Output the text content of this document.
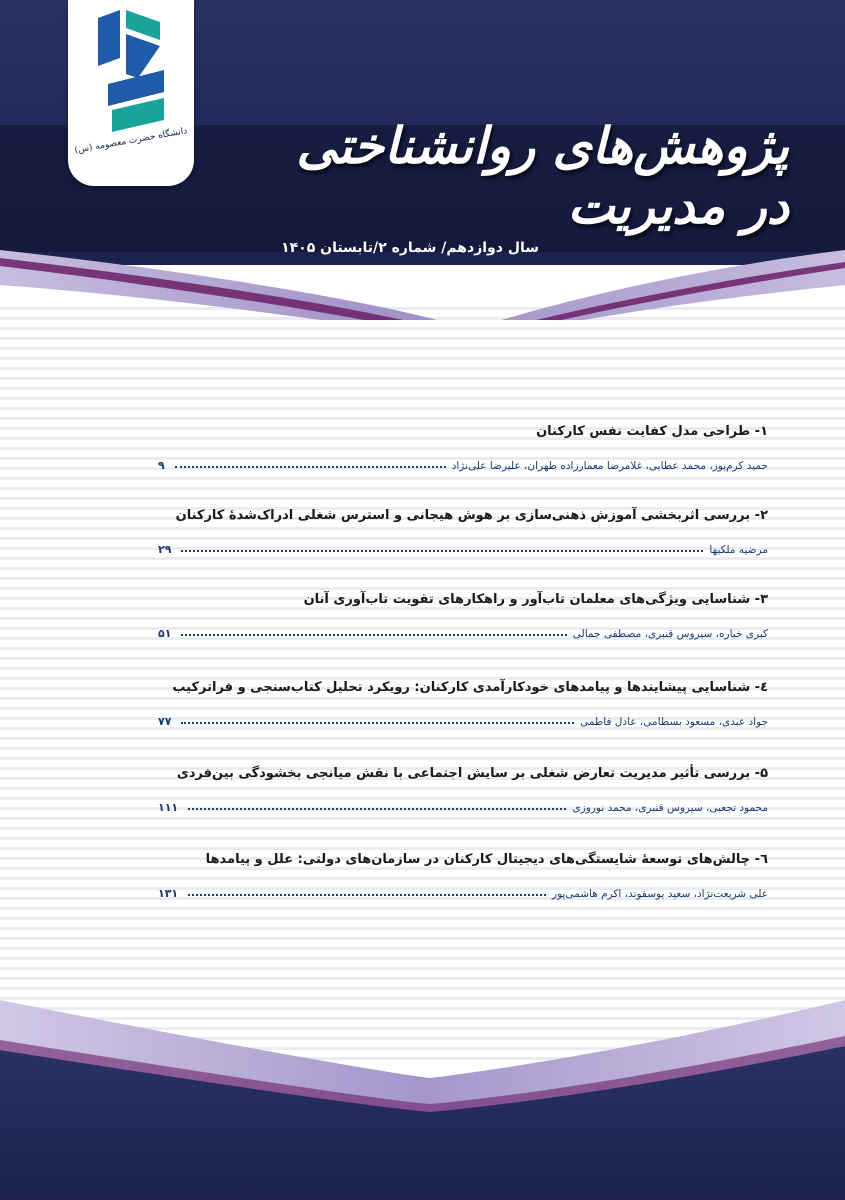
دانشگاه حضرت معصومه (س)	پژوهش‌های روانشناختی در مدیریت
سال دوازدهم/ شماره ۲/تابستان ۱۴۰۵
۱- طراحی مدل کفایت نفس کارکنان
حمید کرم‌پور، محمد عطایی، غلامرضا معمارزاده طهران، علیرضا علی‌نژاد
۹
۲- بررسی اثربخشی آموزش ذهنی‌سازی بر هوش هیجانی و استرس شغلی ادراک‌شدهٔ کارکنان
مرضیه ملکیها
۲۹
۳- شناسایی ویژگی‌های معلمان تاب‌آور و راهکارهای تقویت تاب‌آوری آنان
کبری خباره، سیروس قنبری، مصطفی جمالی
۵۱
٤- شناسایی پیشایندها و پیامدهای خودکارآمدی کارکنان: رویکرد تحلیل کتاب‌سنجی و فراترکیب
جواد عبدی، مسعود بسطامی، عادل فاطمی
۷۷
۵- بررسی تأثیر مدیریت تعارض شغلی بر سایش اجتماعی با نقش میانجی بخشودگی بین‌فردی
محمود تجعبی، سیروس قنبری، محمد نوروزی
۱۱۱
٦- چالش‌های توسعهٔ شایستگی‌های دیجیتال کارکنان در سازمان‌های دولتی: علل و پیامدها
علی شریعت‌نژاد، سعید یوسفوند، اکرم هاشمی‌پور
۱۳۱
